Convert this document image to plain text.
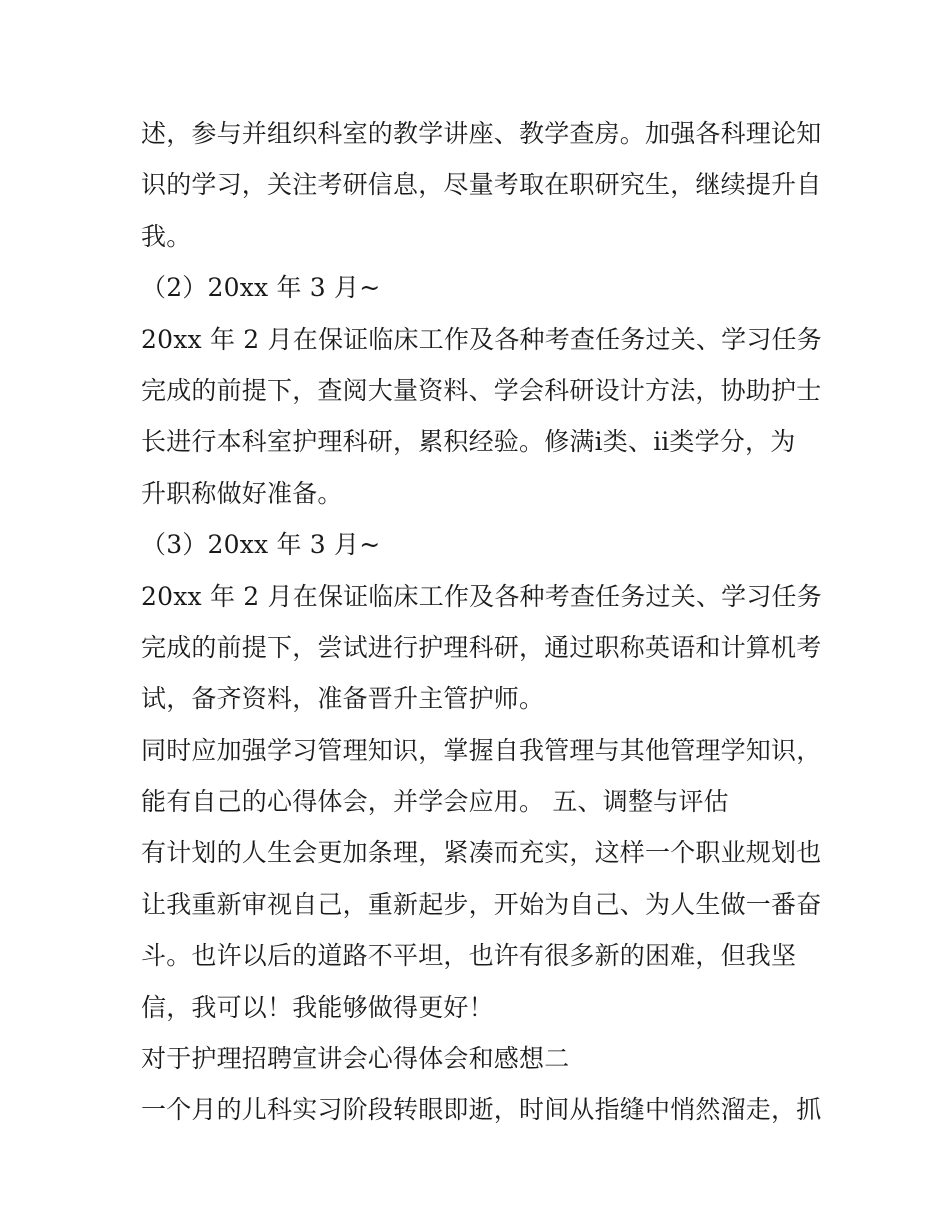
述，参与并组织科室的教学讲座、教学查房。加强各科理论知
识的学习，关注考研信息，尽量考取在职研究生，继续提升自
我。
（2）20xx 年 3 月~
20xx 年 2 月在保证临床工作及各种考查任务过关、学习任务
完成的前提下，查阅大量资料、学会科研设计方法，协助护士
长进行本科室护理科研，累积经验。修满ⅰ类、ⅱ类学分，为
升职称做好准备。
（3）20xx 年 3 月~
20xx 年 2 月在保证临床工作及各种考查任务过关、学习任务
完成的前提下，尝试进行护理科研，通过职称英语和计算机考
试，备齐资料，准备晋升主管护师。
同时应加强学习管理知识，掌握自我管理与其他管理学知识，
能有自己的心得体会，并学会应用。 五、调整与评估
有计划的人生会更加条理，紧凑而充实，这样一个职业规划也
让我重新审视自己，重新起步，开始为自己、为人生做一番奋
斗。也许以后的道路不平坦，也许有很多新的困难，但我坚
信，我可以！我能够做得更好！
对于护理招聘宣讲会心得体会和感想二
一个月的儿科实习阶段转眼即逝，时间从指缝中悄然溜走，抓
